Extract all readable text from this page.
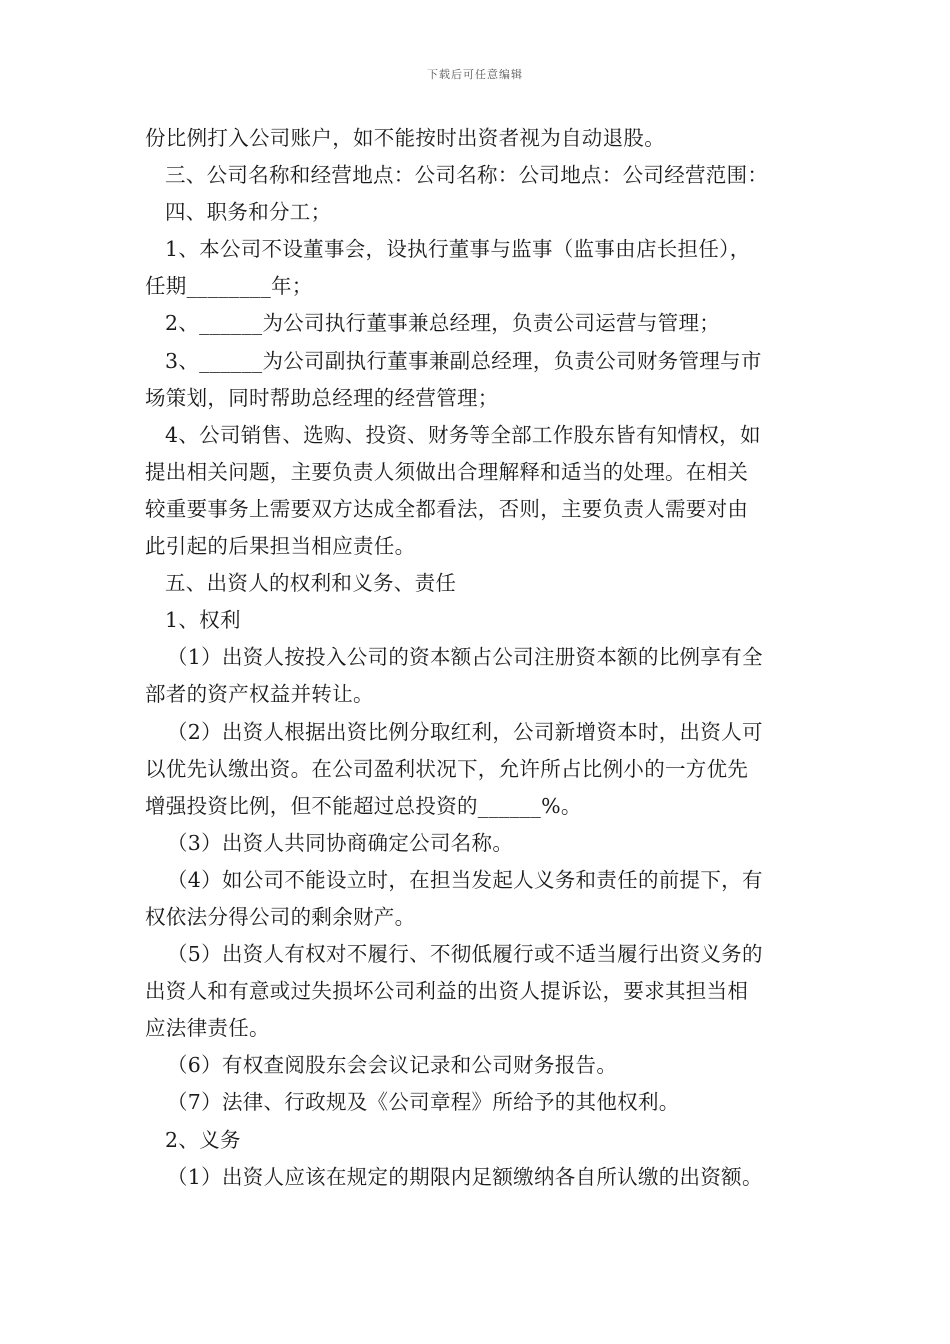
下载后可任意编辑
份比例打入公司账户，如不能按时出资者视为自动退股。
三、公司名称和经营地点：公司名称：公司地点：公司经营范围：
四、职务和分工；
1、本公司不设董事会，设执行董事与监事（监事由店长担任），
任期________年；
2、______为公司执行董事兼总经理，负责公司运营与管理；
3、______为公司副执行董事兼副总经理，负责公司财务管理与市
场策划，同时帮助总经理的经营管理；
4、公司销售、选购、投资、财务等全部工作股东皆有知情权，如
提出相关问题，主要负责人须做出合理解释和适当的处理。在相关
较重要事务上需要双方达成全都看法，否则，主要负责人需要对由
此引起的后果担当相应责任。
五、出资人的权利和义务、责任
1、权利
（1）出资人按投入公司的资本额占公司注册资本额的比例享有全
部者的资产权益并转让。
（2）出资人根据出资比例分取红利，公司新增资本时，出资人可
以优先认缴出资。在公司盈利状况下，允许所占比例小的一方优先
增强投资比例，但不能超过总投资的______%。
（3）出资人共同协商确定公司名称。
（4）如公司不能设立时，在担当发起人义务和责任的前提下，有
权依法分得公司的剩余财产。
（5）出资人有权对不履行、不彻低履行或不适当履行出资义务的
出资人和有意或过失损坏公司利益的出资人提诉讼，要求其担当相
应法律责任。
（6）有权查阅股东会会议记录和公司财务报告。
（7）法律、行政规及《公司章程》所给予的其他权利。
2、义务
（1）出资人应该在规定的期限内足额缴纳各自所认缴的出资额。
